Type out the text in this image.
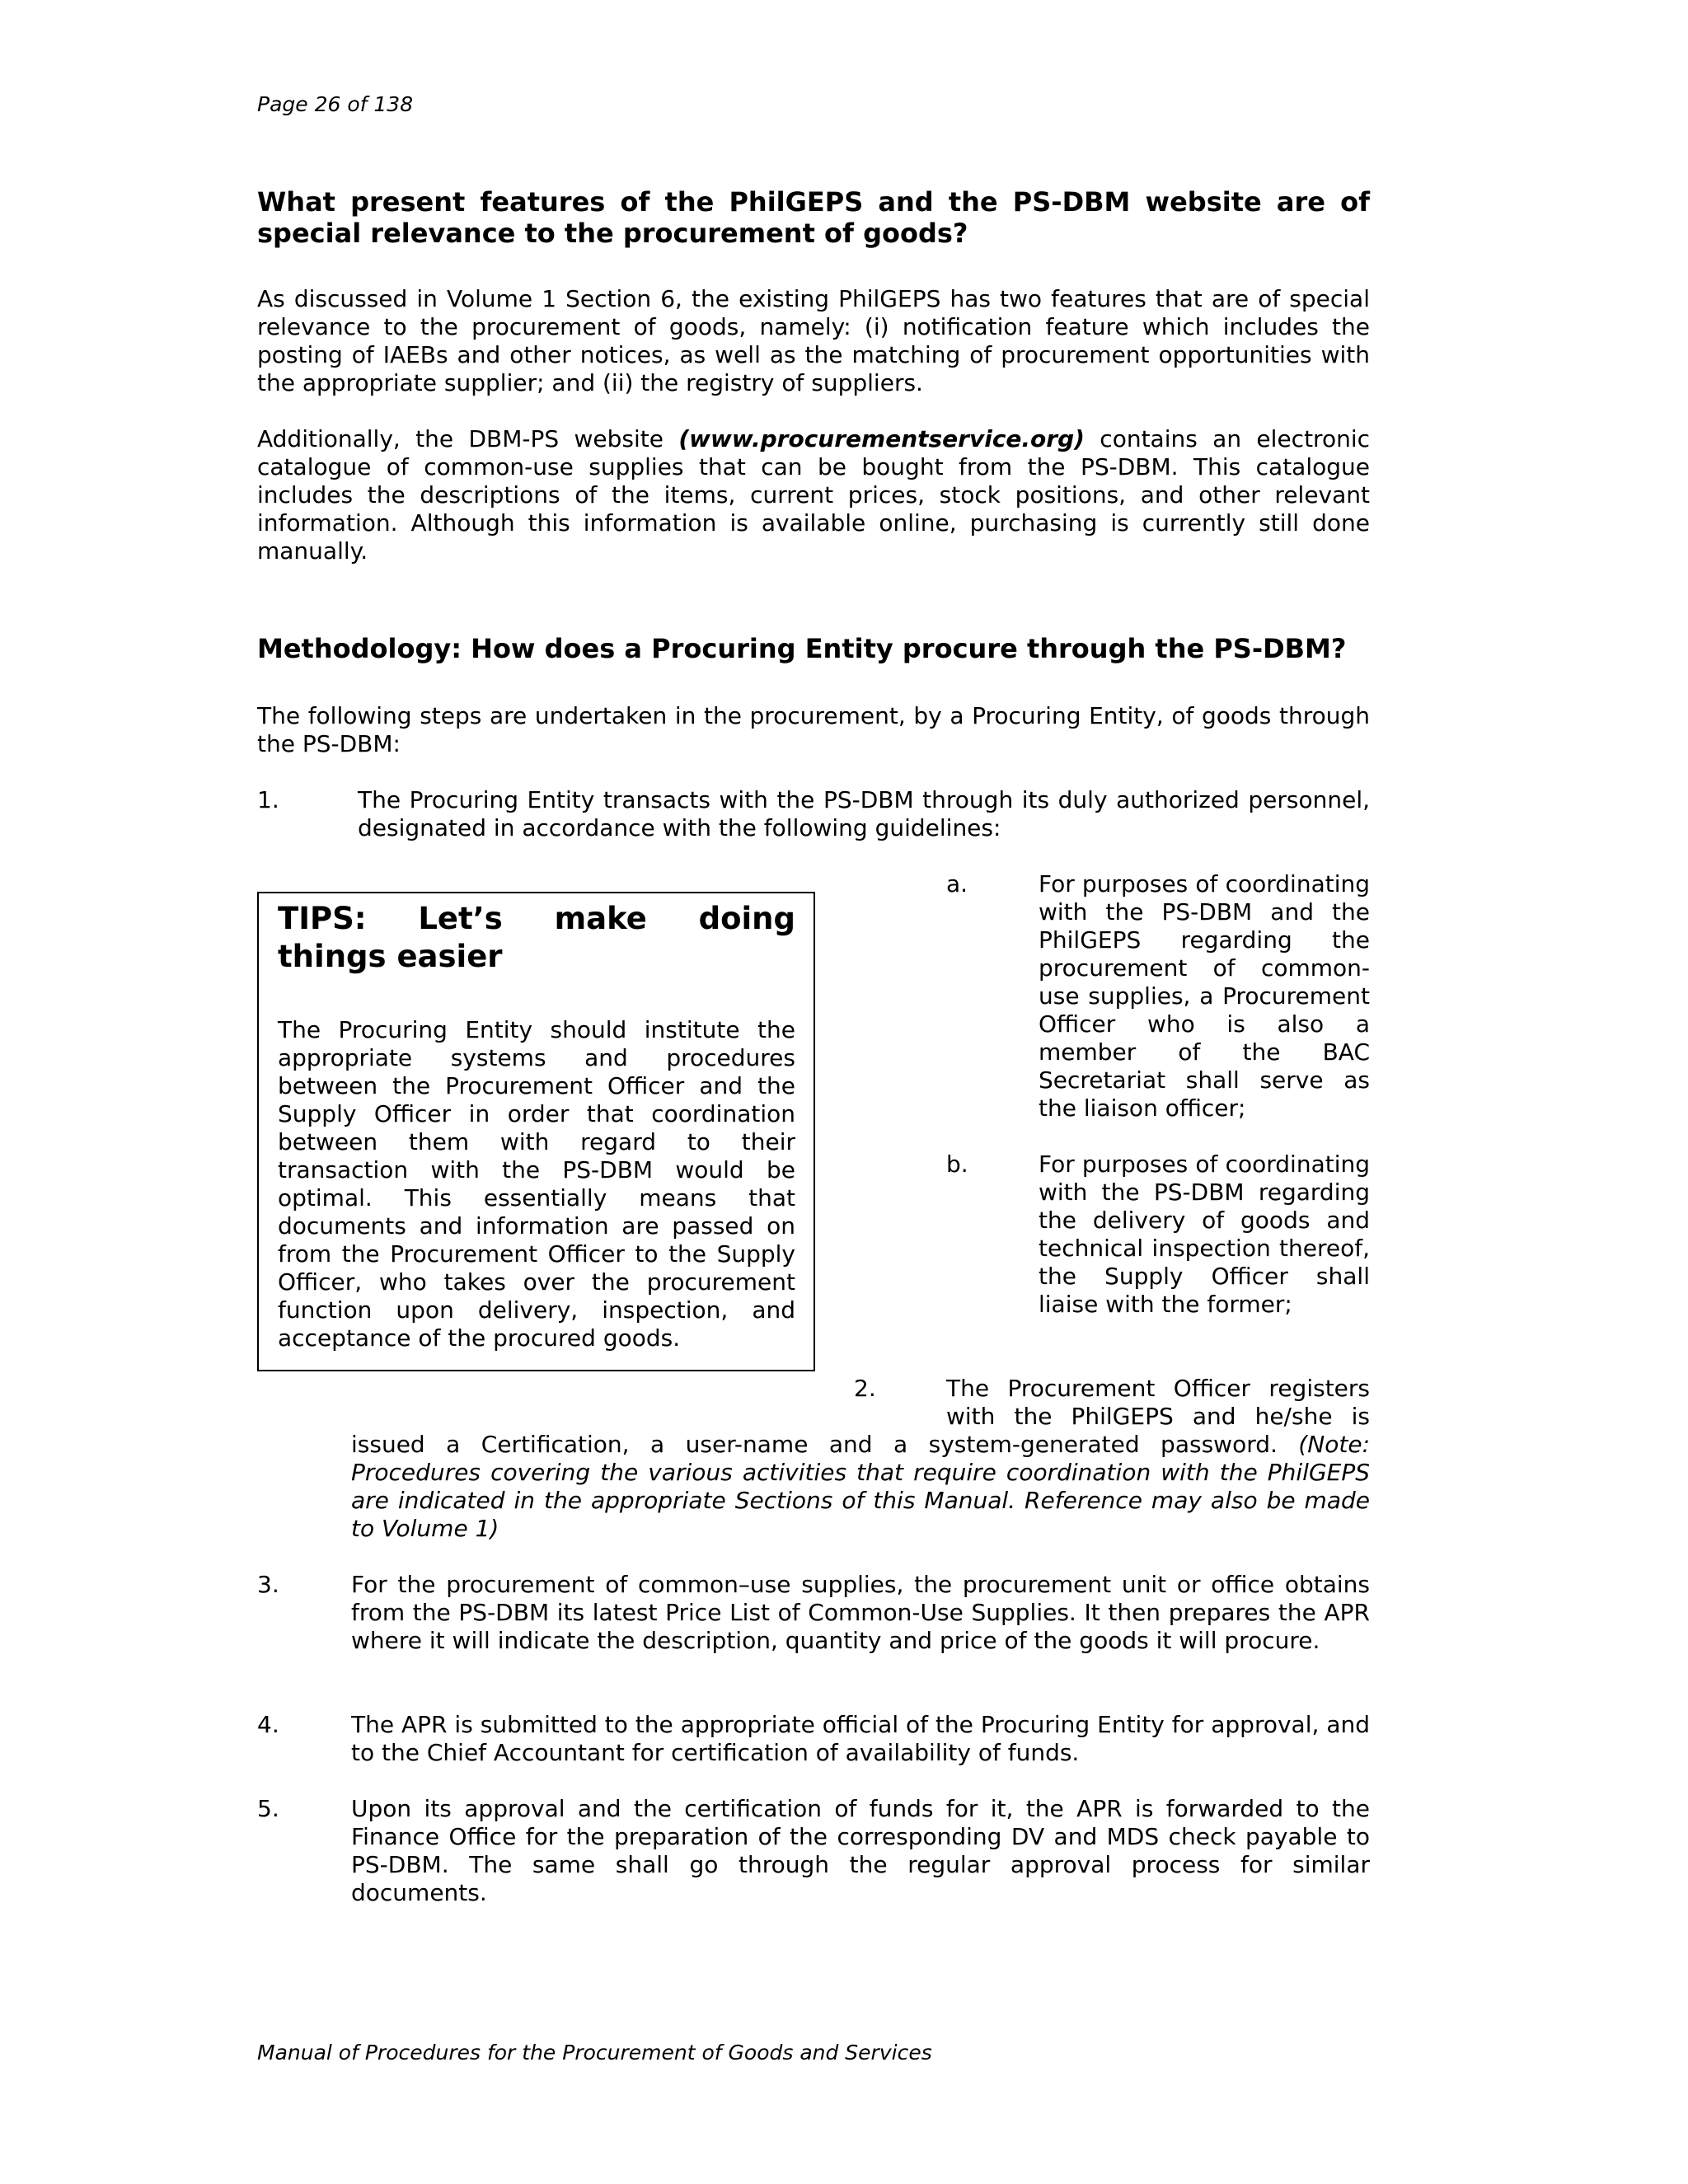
Page 26 of 138
What present features of the PhilGEPS and the PS-DBM website are of special relevance to the procurement of goods?
As discussed in Volume 1 Section 6, the existing PhilGEPS has two features that are of special relevance to the procurement of goods, namely: (i) notification feature which includes the posting of IAEBs and other notices, as well as the matching of procurement opportunities with the appropriate supplier; and (ii) the registry of suppliers.
Additionally, the DBM-PS website (www.procurementservice.org) contains an electronic catalogue of common-use supplies that can be bought from the PS-DBM. This catalogue includes the descriptions of the items, current prices, stock positions, and other relevant information. Although this information is available online, purchasing is currently still done manually.
Methodology: How does a Procuring Entity procure through the PS-DBM?
The following steps are undertaken in the procurement, by a Procuring Entity, of goods through the PS-DBM:
1.	The Procuring Entity transacts with the PS-DBM through its duly authorized personnel, designated in accordance with the following guidelines:
a.	For purposes of coordinating with the PS-DBM and the PhilGEPS regarding the procurement of common-use supplies, a Procurement Officer who is also a member of the BAC Secretariat shall serve as the liaison officer;
b.	For purposes of coordinating with the PS-DBM regarding the delivery of goods and technical inspection thereof, the Supply Officer shall liaise with the former;
TIPS: Let’s make doing
things easier
The Procuring Entity should institute the appropriate systems and procedures between the Procurement Officer and the Supply Officer in order that coordination between them with regard to their transaction with the PS-DBM would be optimal. This essentially means that documents and information are passed on from the Procurement Officer to the Supply Officer, who takes over the procurement function upon delivery, inspection, and acceptance of the procured goods.
2.	The Procurement Officer registers with the PhilGEPS and he/she is
issued a Certification, a user-name and a system-generated password. (Note: Procedures covering the various activities that require coordination with the PhilGEPS are indicated in the appropriate Sections of this Manual. Reference may also be made to Volume 1)
3.	For the procurement of common–use supplies, the procurement unit or office obtains from the PS-DBM its latest Price List of Common-Use Supplies. It then prepares the APR where it will indicate the description, quantity and price of the goods it will procure.
4.	The APR is submitted to the appropriate official of the Procuring Entity for approval, and to the Chief Accountant for certification of availability of funds.
5.	Upon its approval and the certification of funds for it, the APR is forwarded to the Finance Office for the preparation of the corresponding DV and MDS check payable to PS-DBM. The same shall go through the regular approval process for similar documents.
Manual of Procedures for the Procurement of Goods and Services
